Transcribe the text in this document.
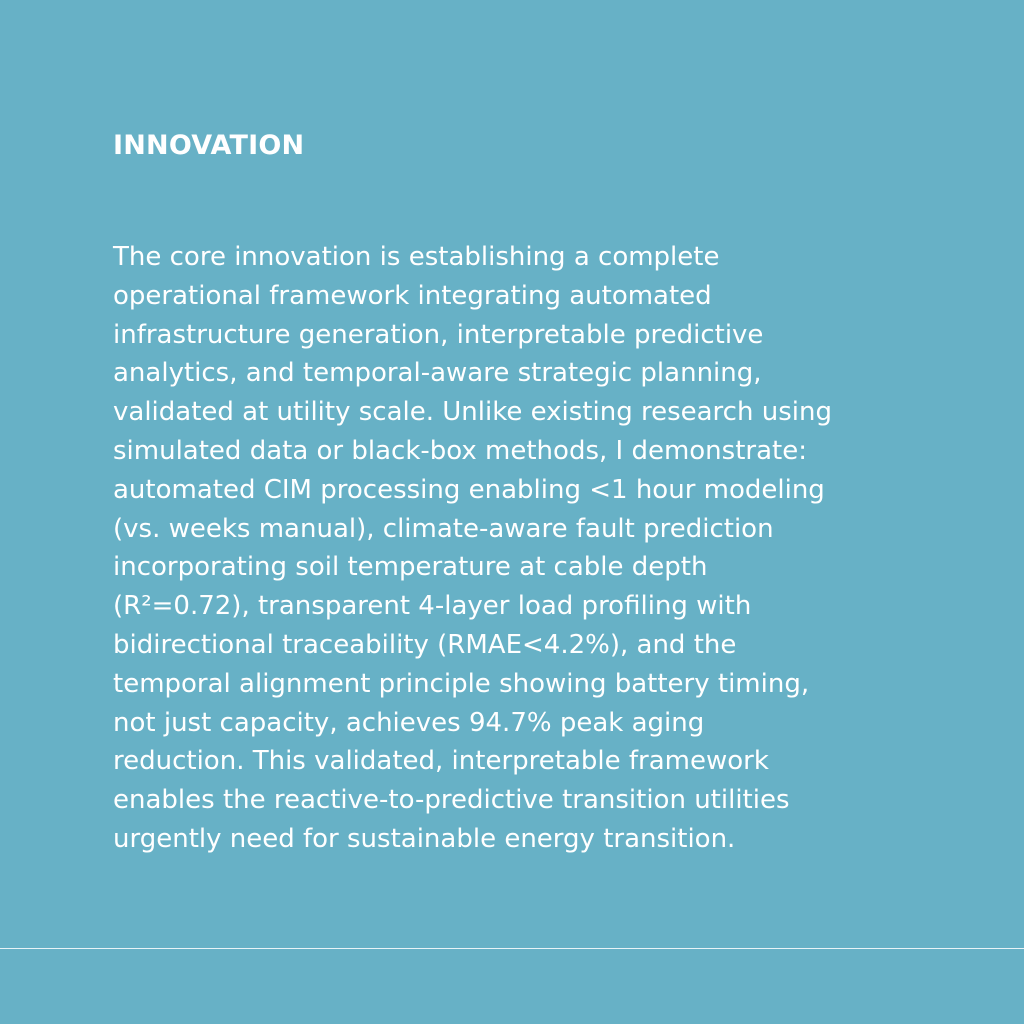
INNOVATION
The core innovation is establishing a complete
operational framework integrating automated
infrastructure generation, interpretable predictive
analytics, and temporal-aware strategic planning,
validated at utility scale. Unlike existing research using
simulated data or black-box methods, I demonstrate:
automated CIM processing enabling <1 hour modeling
(vs. weeks manual), climate-aware fault prediction
incorporating soil temperature at cable depth
(R²=0.72), transparent 4-layer load profiling with
bidirectional traceability (RMAE<4.2%), and the
temporal alignment principle showing battery timing,
not just capacity, achieves 94.7% peak aging
reduction. This validated, interpretable framework
enables the reactive-to-predictive transition utilities
urgently need for sustainable energy transition.
